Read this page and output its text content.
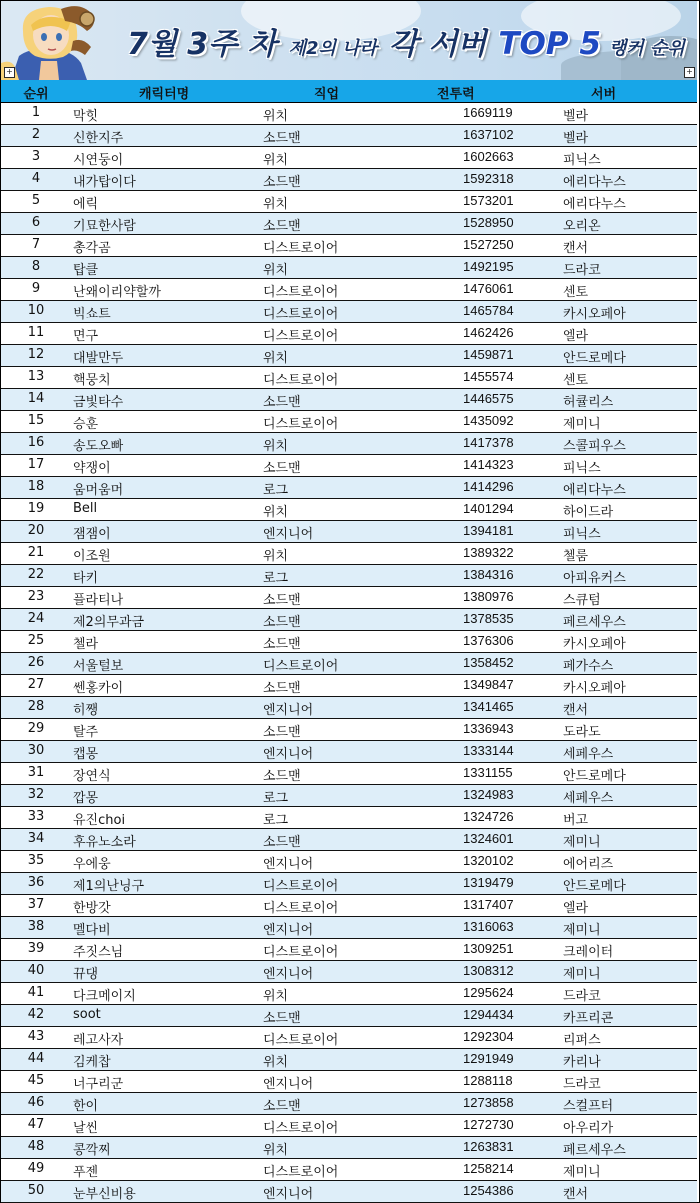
7월 3주 차 제2의 나라 각 서버 TOP 5 랭커 순위
+	+
순위	캐릭터명	직업	전투력	서버
1	막힛	위치	1669119	벨라
2	신한지주	소드맨	1637102	벨라
3	시연둥이	위치	1602663	피닉스
4	내가탑이다	소드맨	1592318	에리다누스
5	에릭	위치	1573201	에리다누스
6	기묘한사람	소드맨	1528950	오리온
7	총각곰	디스트로이어	1527250	캔서
8	탑클	위치	1492195	드라코
9	난왜이리약할까	디스트로이어	1476061	센토
10	빅쇼트	디스트로이어	1465784	카시오페아
11	면구	디스트로이어	1462426	엘라
12	대발만두	위치	1459871	안드로메다
13	핵뭉치	디스트로이어	1455574	센토
14	금빛타수	소드맨	1446575	허큘리스
15	승훈	디스트로이어	1435092	제미니
16	송도오빠	위치	1417378	스콜피우스
17	약쟁이	소드맨	1414323	피닉스
18	움머움머	로그	1414296	에리다누스
19	Bell	위치	1401294	하이드라
20	잼잼이	엔지니어	1394181	피닉스
21	이조원	위치	1389322	첼룸
22	타키	로그	1384316	아피유커스
23	플라티나	소드맨	1380976	스큐텀
24	제2의무과금	소드맨	1378535	페르세우스
25	첼라	소드맨	1376306	카시오페아
26	서울털보	디스트로이어	1358452	페가수스
27	쎈홍카이	소드맨	1349847	카시오페아
28	히쨍	엔지니어	1341465	캔서
29	탈주	소드맨	1336943	도라도
30	캡몽	엔지니어	1333144	세페우스
31	장연식	소드맨	1331155	안드로메다
32	깝몽	로그	1324983	세페우스
33	유진choi	로그	1324726	버고
34	후유노소라	소드맨	1324601	제미니
35	우에웅	엔지니어	1320102	에어리즈
36	제1의난닝구	디스트로이어	1319479	안드로메다
37	한방갓	디스트로이어	1317407	엘라
38	멜다비	엔지니어	1316063	제미니
39	주짓스님	디스트로이어	1309251	크레이터
40	뀨댕	엔지니어	1308312	제미니
41	다크메이지	위치	1295624	드라코
42	soot	소드맨	1294434	카프리콘
43	레고사자	디스트로이어	1292304	리퍼스
44	김케찹	위치	1291949	카리나
45	너구리군	엔지니어	1288118	드라코
46	한이	소드맨	1273858	스컬프터
47	날씬	디스트로이어	1272730	아우리가
48	콩깍찌	위치	1263831	페르세우스
49	푸젠	디스트로이어	1258214	제미니
50	눈부신비용	엔지니어	1254386	캔서
